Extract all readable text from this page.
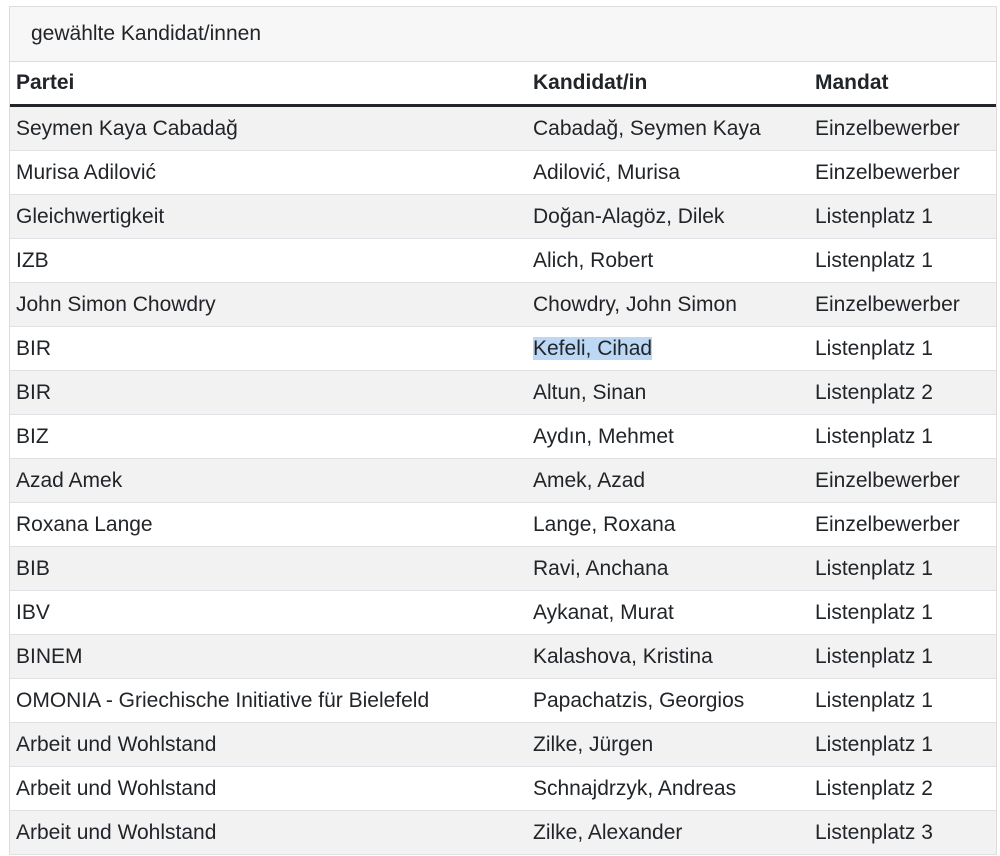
gewählte Kandidat/innen
Partei	Kandidat/in	Mandat
Seymen Kaya Cabadağ	Cabadağ, Seymen Kaya	Einzelbewerber
Murisa Adilović	Adilović, Murisa	Einzelbewerber
Gleichwertigkeit	Doğan-Alagöz, Dilek	Listenplatz 1
IZB	Alich, Robert	Listenplatz 1
John Simon Chowdry	Chowdry, John Simon	Einzelbewerber
BIR	Kefeli, Cihad	Listenplatz 1
BIR	Altun, Sinan	Listenplatz 2
BIZ	Aydın, Mehmet	Listenplatz 1
Azad Amek	Amek, Azad	Einzelbewerber
Roxana Lange	Lange, Roxana	Einzelbewerber
BIB	Ravi, Anchana	Listenplatz 1
IBV	Aykanat, Murat	Listenplatz 1
BINEM	Kalashova, Kristina	Listenplatz 1
OMONIA - Griechische Initiative für Bielefeld	Papachatzis, Georgios	Listenplatz 1
Arbeit und Wohlstand	Zilke, Jürgen	Listenplatz 1
Arbeit und Wohlstand	Schnajdrzyk, Andreas	Listenplatz 2
Arbeit und Wohlstand	Zilke, Alexander	Listenplatz 3
